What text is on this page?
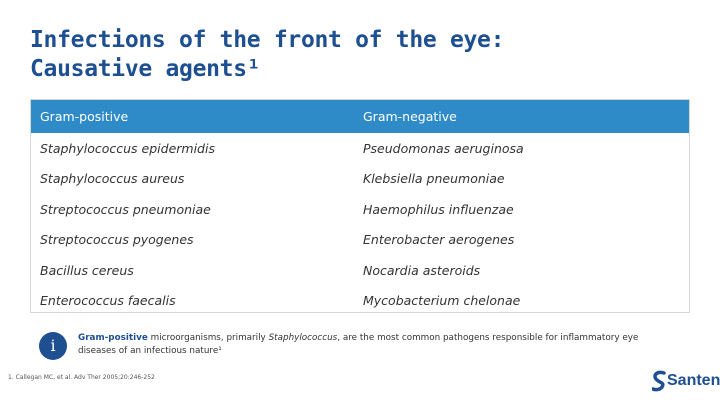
Infections of the front of the eye:
Causative agents¹
Gram-positive	Gram-negative
Staphylococcus epidermidis	Pseudomonas aeruginosa
Staphylococcus aureus	Klebsiella pneumoniae
Streptococcus pneumoniae	Haemophilus influenzae
Streptococcus pyogenes	Enterobacter aerogenes
Bacillus cereus	Nocardia asteroids
Enterococcus faecalis	Mycobacterium chelonae
i	Gram-positive microorganisms, primarily Staphylococcus, are the most common pathogens responsible for inflammatory eye diseases of an infectious nature¹

1. Callegan MC, et al. Adv Ther 2005;20:246-252	Santen
